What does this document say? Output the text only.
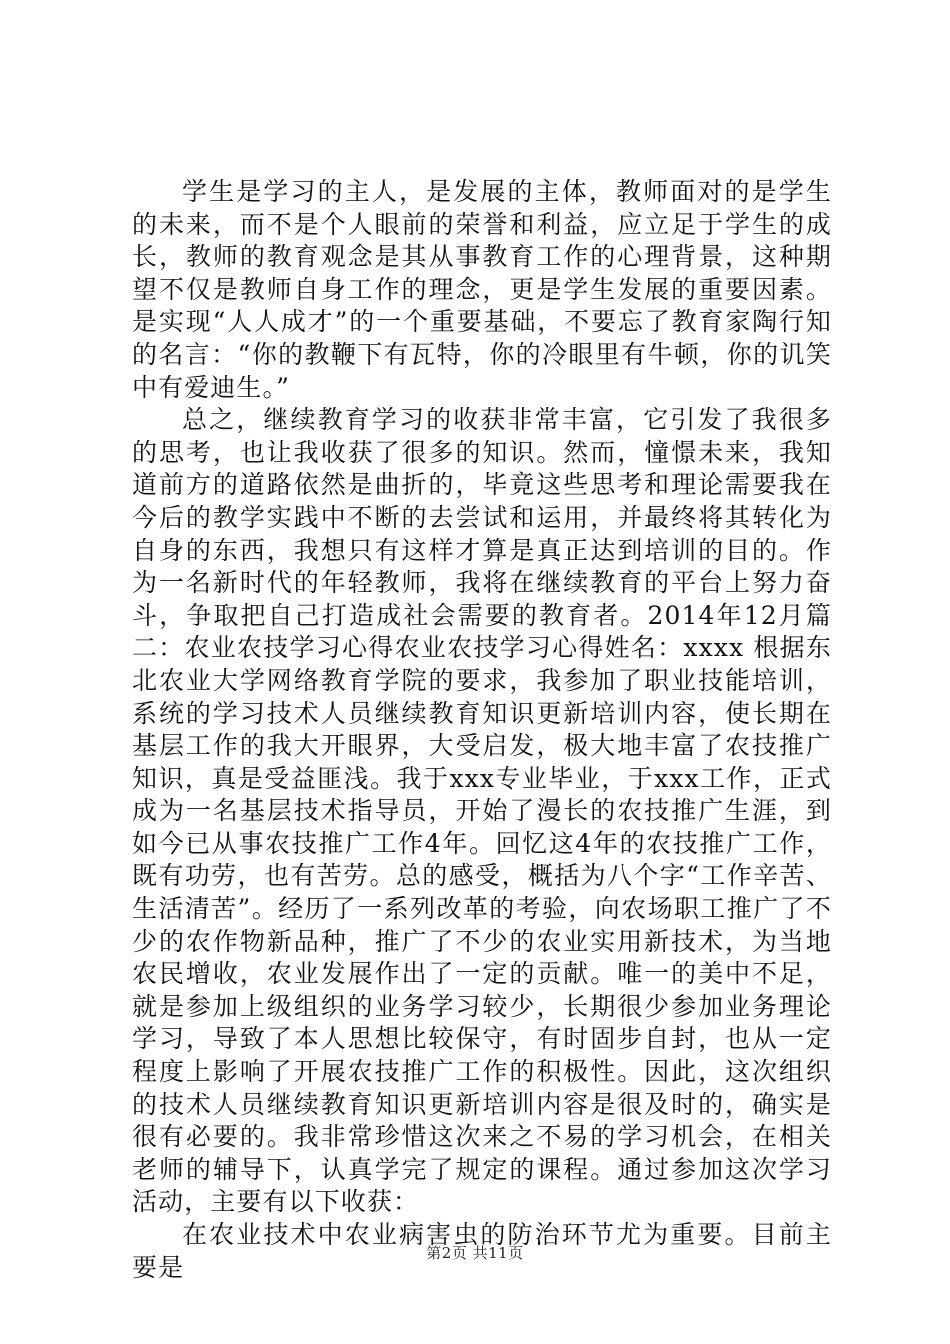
学生是学习的主人，是发展的主体，教师面对的是学生的未来，而不是个人眼前的荣誉和利益，应立足于学生的成长，教师的教育观念是其从事教育工作的心理背景，这种期望不仅是教师自身工作的理念，更是学生发展的重要因素。是实现“人人成才”的一个重要基础，不要忘了教育家陶行知的名言：“你的教鞭下有瓦特，你的冷眼里有牛顿，你的讥笑中有爱迪生。”

总之，继续教育学习的收获非常丰富，它引发了我很多的思考，也让我收获了很多的知识。然而，憧憬未来，我知道前方的道路依然是曲折的，毕竟这些思考和理论需要我在今后的教学实践中不断的去尝试和运用，并最终将其转化为自身的东西，我想只有这样才算是真正达到培训的目的。作为一名新时代的年轻教师，我将在继续教育的平台上努力奋斗，争取把自己打造成社会需要的教育者。2014年12月篇二：农业农技学习心得农业农技学习心得姓名：xxxx 根据东北农业大学网络教育学院的要求，我参加了职业技能培训，系统的学习技术人员继续教育知识更新培训内容，使长期在基层工作的我大开眼界，大受启发，极大地丰富了农技推广知识，真是受益匪浅。我于xxx专业毕业，于xxx工作，正式成为一名基层技术指导员，开始了漫长的农技推广生涯，到如今已从事农技推广工作4年。回忆这4年的农技推广工作，既有功劳，也有苦劳。总的感受，概括为八个字“工作辛苦、生活清苦”。经历了一系列改革的考验，向农场职工推广了不少的农作物新品种，推广了不少的农业实用新技术，为当地农民增收，农业发展作出了一定的贡献。唯一的美中不足，就是参加上级组织的业务学习较少，长期很少参加业务理论学习，导致了本人思想比较保守，有时固步自封，也从一定程度上影响了开展农技推广工作的积极性。因此，这次组织的技术人员继续教育知识更新培训内容是很及时的，确实是很有必要的。我非常珍惜这次来之不易的学习机会，在相关老师的辅导下，认真学完了规定的课程。通过参加这次学习活动，主要有以下收获：

在农业技术中农业病害虫的防治环节尤为重要。目前主要是	第2页 共11页
